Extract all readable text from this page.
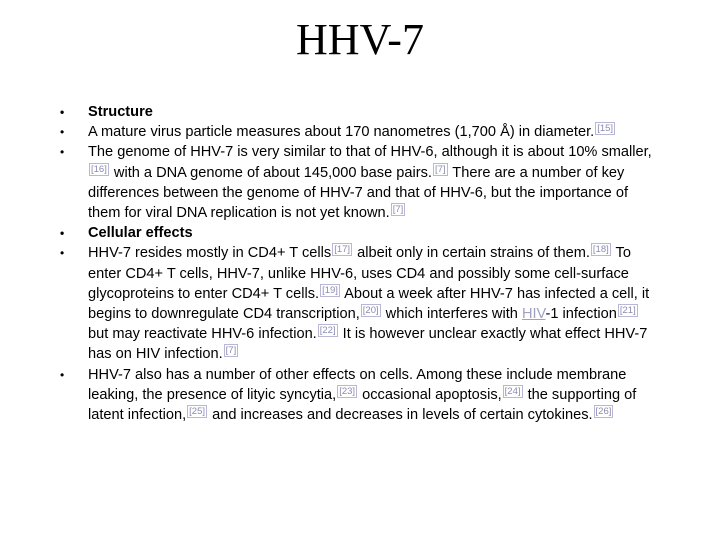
HHV-7
• Structure
• A mature virus particle measures about 170 nanometres (1,700 Å) in diameter. [15]
• The genome of HHV-7 is very similar to that of HHV-6, although it is about 10% smaller,[16] with a DNA genome of about 145,000 base pairs. [7] There are a number of key differences between the genome of HHV-7 and that of HHV-6, but the importance of them for viral DNA replication is not yet known. [7]
• Cellular effects
• HHV-7 resides mostly in CD4+ T cells [17] albeit only in certain strains of them. [18] To enter CD4+ T cells, HHV-7, unlike HHV-6, uses CD4 and possibly some cell-surface glycoproteins to enter CD4+ T cells. [19] About a week after HHV-7 has infected a cell, it begins to downregulate CD4 transcription, [20] which interferes with HIV-1 infection [21] but may reactivate HHV-6 infection. [22] It is however unclear exactly what effect HHV-7 has on HIV infection. [7]
• HHV-7 also has a number of other effects on cells. Among these include membrane leaking, the presence of lityic syncytia, [23] occasional apoptosis, [24] the supporting of latent infection, [25] and increases and decreases in levels of certain cytokines. [26]
